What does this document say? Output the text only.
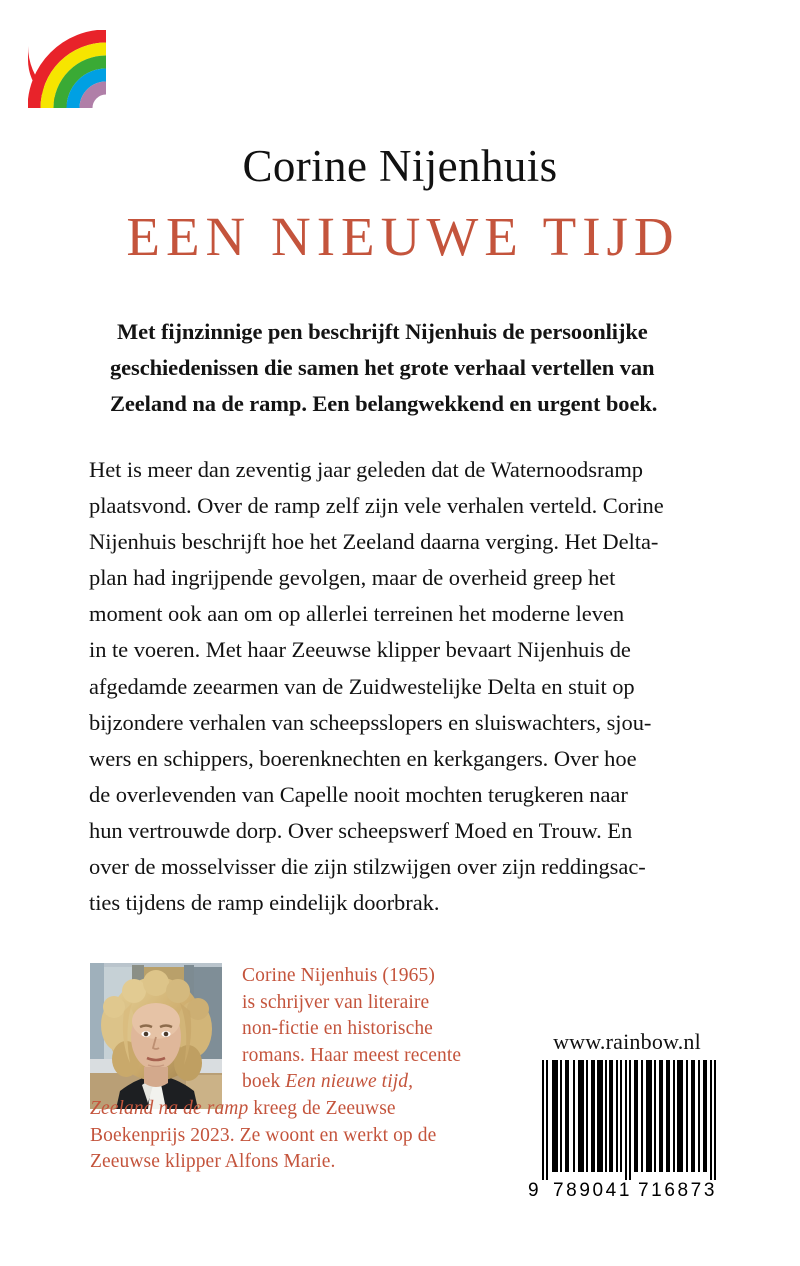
Corine Nijenhuis
EEN NIEUWE TIJD
Met fijnzinnige pen beschrijft Nijenhuis de persoonlijke
geschiedenissen die samen het grote verhaal vertellen van
Zeeland na de ramp. Een belangwekkend en urgent boek.
Het is meer dan zeventig jaar geleden dat de Waternoodsramp
plaatsvond. Over de ramp zelf zijn vele verhalen verteld. Corine
Nijenhuis beschrijft hoe het Zeeland daarna verging. Het Delta-
plan had ingrijpende gevolgen, maar de overheid greep het
moment ook aan om op allerlei terreinen het moderne leven
in te voeren. Met haar Zeeuwse klipper bevaart Nijenhuis de
afgedamde zeearmen van de Zuidwestelijke Delta en stuit op
bijzondere verhalen van scheepsslopers en sluiswachters, sjou-
wers en schippers, boerenknechten en kerkgangers. Over hoe
de overlevenden van Capelle nooit mochten terugkeren naar
hun vertrouwde dorp. Over scheepswerf Moed en Trouw. En
over de mosselvisser die zijn stilzwijgen over zijn reddingsac-
ties tijdens de ramp eindelijk doorbrak.
Corine Nijenhuis (1965)
is schrijver van literaire
non-fictie en historische
romans. Haar meest recente
boek Een nieuwe tijd,
Zeeland na de ramp kreeg de Zeeuwse
Boekenprijs 2023. Ze woont en werkt op de
Zeeuwse klipper Alfons Marie.
www.rainbow.nl
9 789041 716873
